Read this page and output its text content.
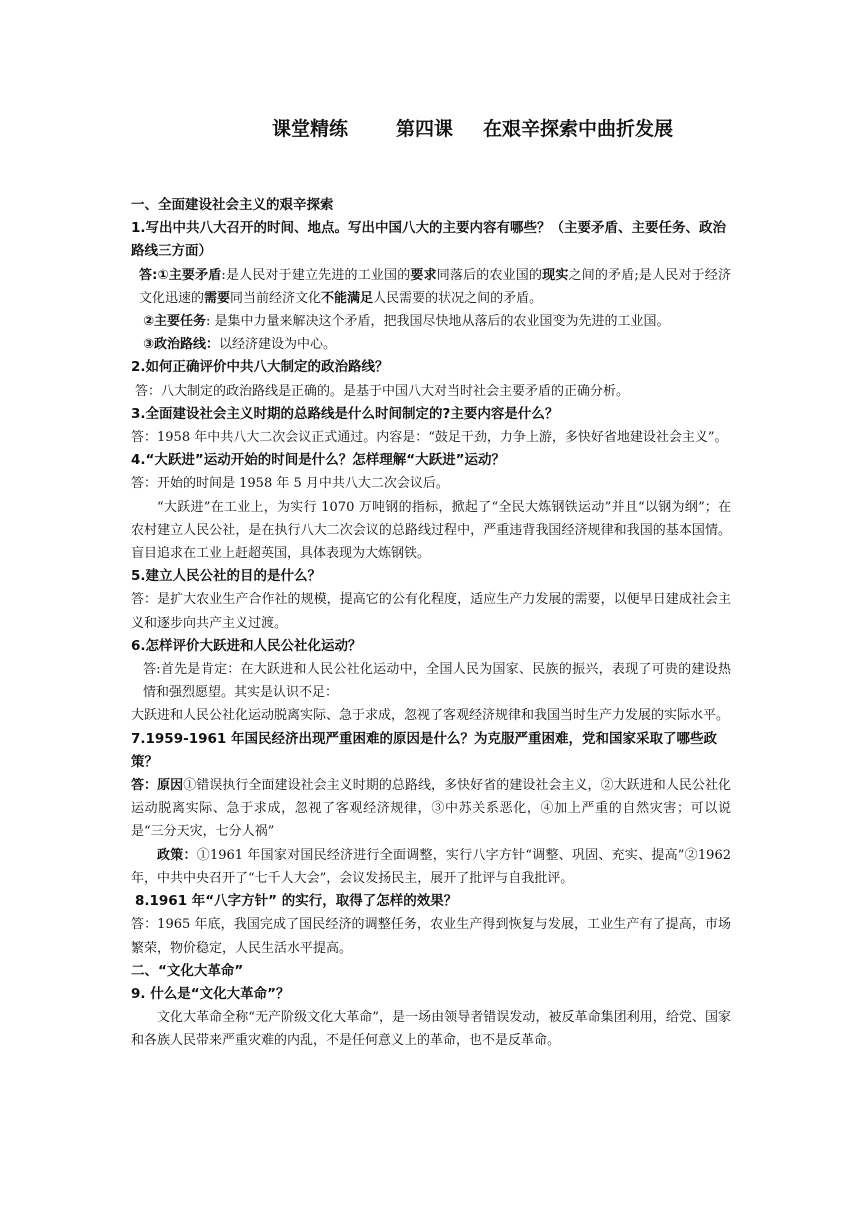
课堂精练	第四课 在艰辛探索中曲折发展
一、全面建设社会主义的艰辛探索
1.写出中共八大召开的时间、地点。写出中国八大的主要内容有哪些？（主要矛盾、主要任务、政治路线三方面）
答:①主要矛盾:是人民对于建立先进的工业国的要求同落后的农业国的现实之间的矛盾;是人民对于经济文化迅速的需要同当前经济文化不能满足人民需要的状况之间的矛盾。
②主要任务: 是集中力量来解决这个矛盾，把我国尽快地从落后的农业国变为先进的工业国。
③政治路线：以经济建设为中心。
2.如何正确评价中共八大制定的政治路线？
答：八大制定的政治路线是正确的。是基于中国八大对当时社会主要矛盾的正确分析。
3.全面建设社会主义时期的总路线是什么时间制定的?主要内容是什么？
答：1958 年中共八大二次会议正式通过。内容是：“鼓足干劲，力争上游，多快好省地建设社会主义”。
4.“大跃进”运动开始的时间是什么？怎样理解“大跃进”运动？
答：开始的时间是 1958 年 5 月中共八大二次会议后。
“大跃进”在工业上，为实行 1070 万吨钢的指标，掀起了“全民大炼钢铁运动”并且“以钢为纲”；在农村建立人民公社，是在执行八大二次会议的总路线过程中，严重违背我国经济规律和我国的基本国情。盲目追求在工业上赶超英国，具体表现为大炼钢铁。
5.建立人民公社的目的是什么？
答：是扩大农业生产合作社的规模，提高它的公有化程度，适应生产力发展的需要，以便早日建成社会主义和逐步向共产主义过渡。
6.怎样评价大跃进和人民公社化运动？
答:首先是肯定：在大跃进和人民公社化运动中，全国人民为国家、民族的振兴，表现了可贵的建设热情和强烈愿望。其实是认识不足：
大跃进和人民公社化运动脱离实际、急于求成，忽视了客观经济规律和我国当时生产力发展的实际水平。
7.1959-1961 年国民经济出现严重困难的原因是什么？为克服严重困难，党和国家采取了哪些政策？
答：原因①错误执行全面建设社会主义时期的总路线，多快好省的建设社会主义，②大跃进和人民公社化运动脱离实际、急于求成，忽视了客观经济规律，③中苏关系恶化，④加上严重的自然灾害；可以说是“三分天灾，七分人祸”
政策：①1961 年国家对国民经济进行全面调整，实行八字方针“调整、巩固、充实、提高”②1962 年，中共中央召开了“七千人大会”，会议发扬民主，展开了批评与自我批评。
8.1961 年“八字方针” 的实行，取得了怎样的效果？
答：1965 年底，我国完成了国民经济的调整任务，农业生产得到恢复与发展，工业生产有了提高，市场繁荣，物价稳定，人民生活水平提高。
二、“文化大革命”
9. 什么是“文化大革命”？
文化大革命全称“无产阶级文化大革命”，是一场由领导者错误发动，被反革命集团利用，给党、国家和各族人民带来严重灾难的内乱，不是任何意义上的革命，也不是反革命。
